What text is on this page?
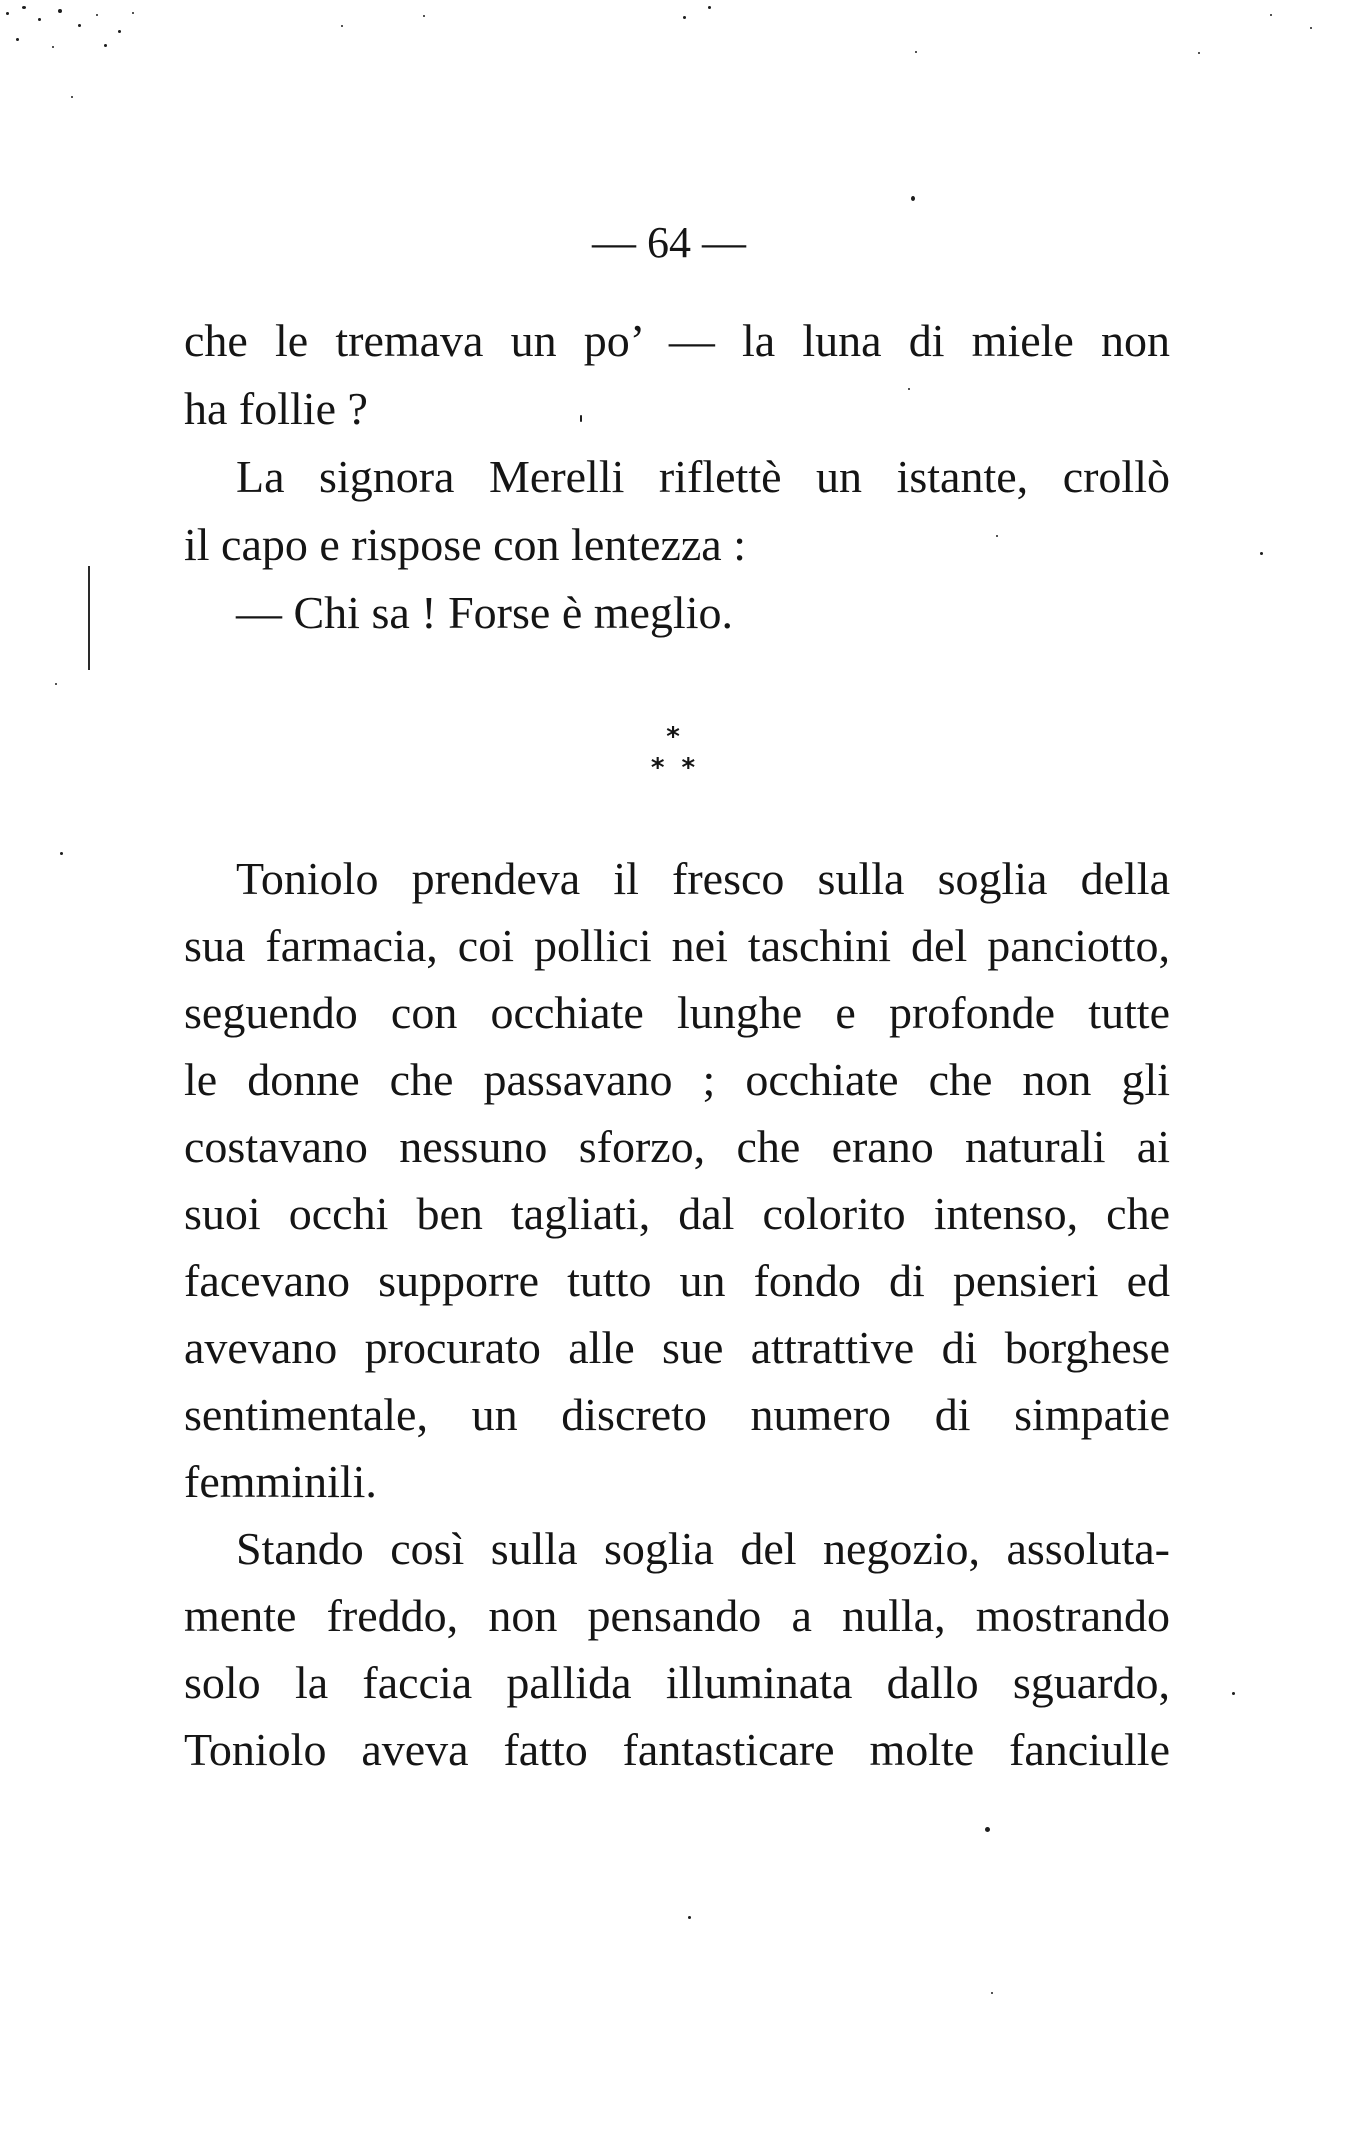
— 64 —
che le tremava un po’ — la luna di miele non
ha follie ?
La signora Merelli riflettè un istante, crollò
il capo e rispose con lentezza :
— Chi sa ! Forse è meglio.
*
* *
Toniolo prendeva il fresco sulla soglia della
sua farmacia, coi pollici nei taschini del panciotto,
seguendo con occhiate lunghe e profonde tutte
le donne che passavano ; occhiate che non gli
costavano nessuno sforzo, che erano naturali ai
suoi occhi ben tagliati, dal colorito intenso, che
facevano supporre tutto un fondo di pensieri ed
avevano procurato alle sue attrattive di borghese
sentimentale, un discreto numero di simpatie
femminili.
Stando così sulla soglia del negozio, assoluta-
mente freddo, non pensando a nulla, mostrando
solo la faccia pallida illuminata dallo sguardo,
Toniolo aveva fatto fantasticare molte fanciulle
